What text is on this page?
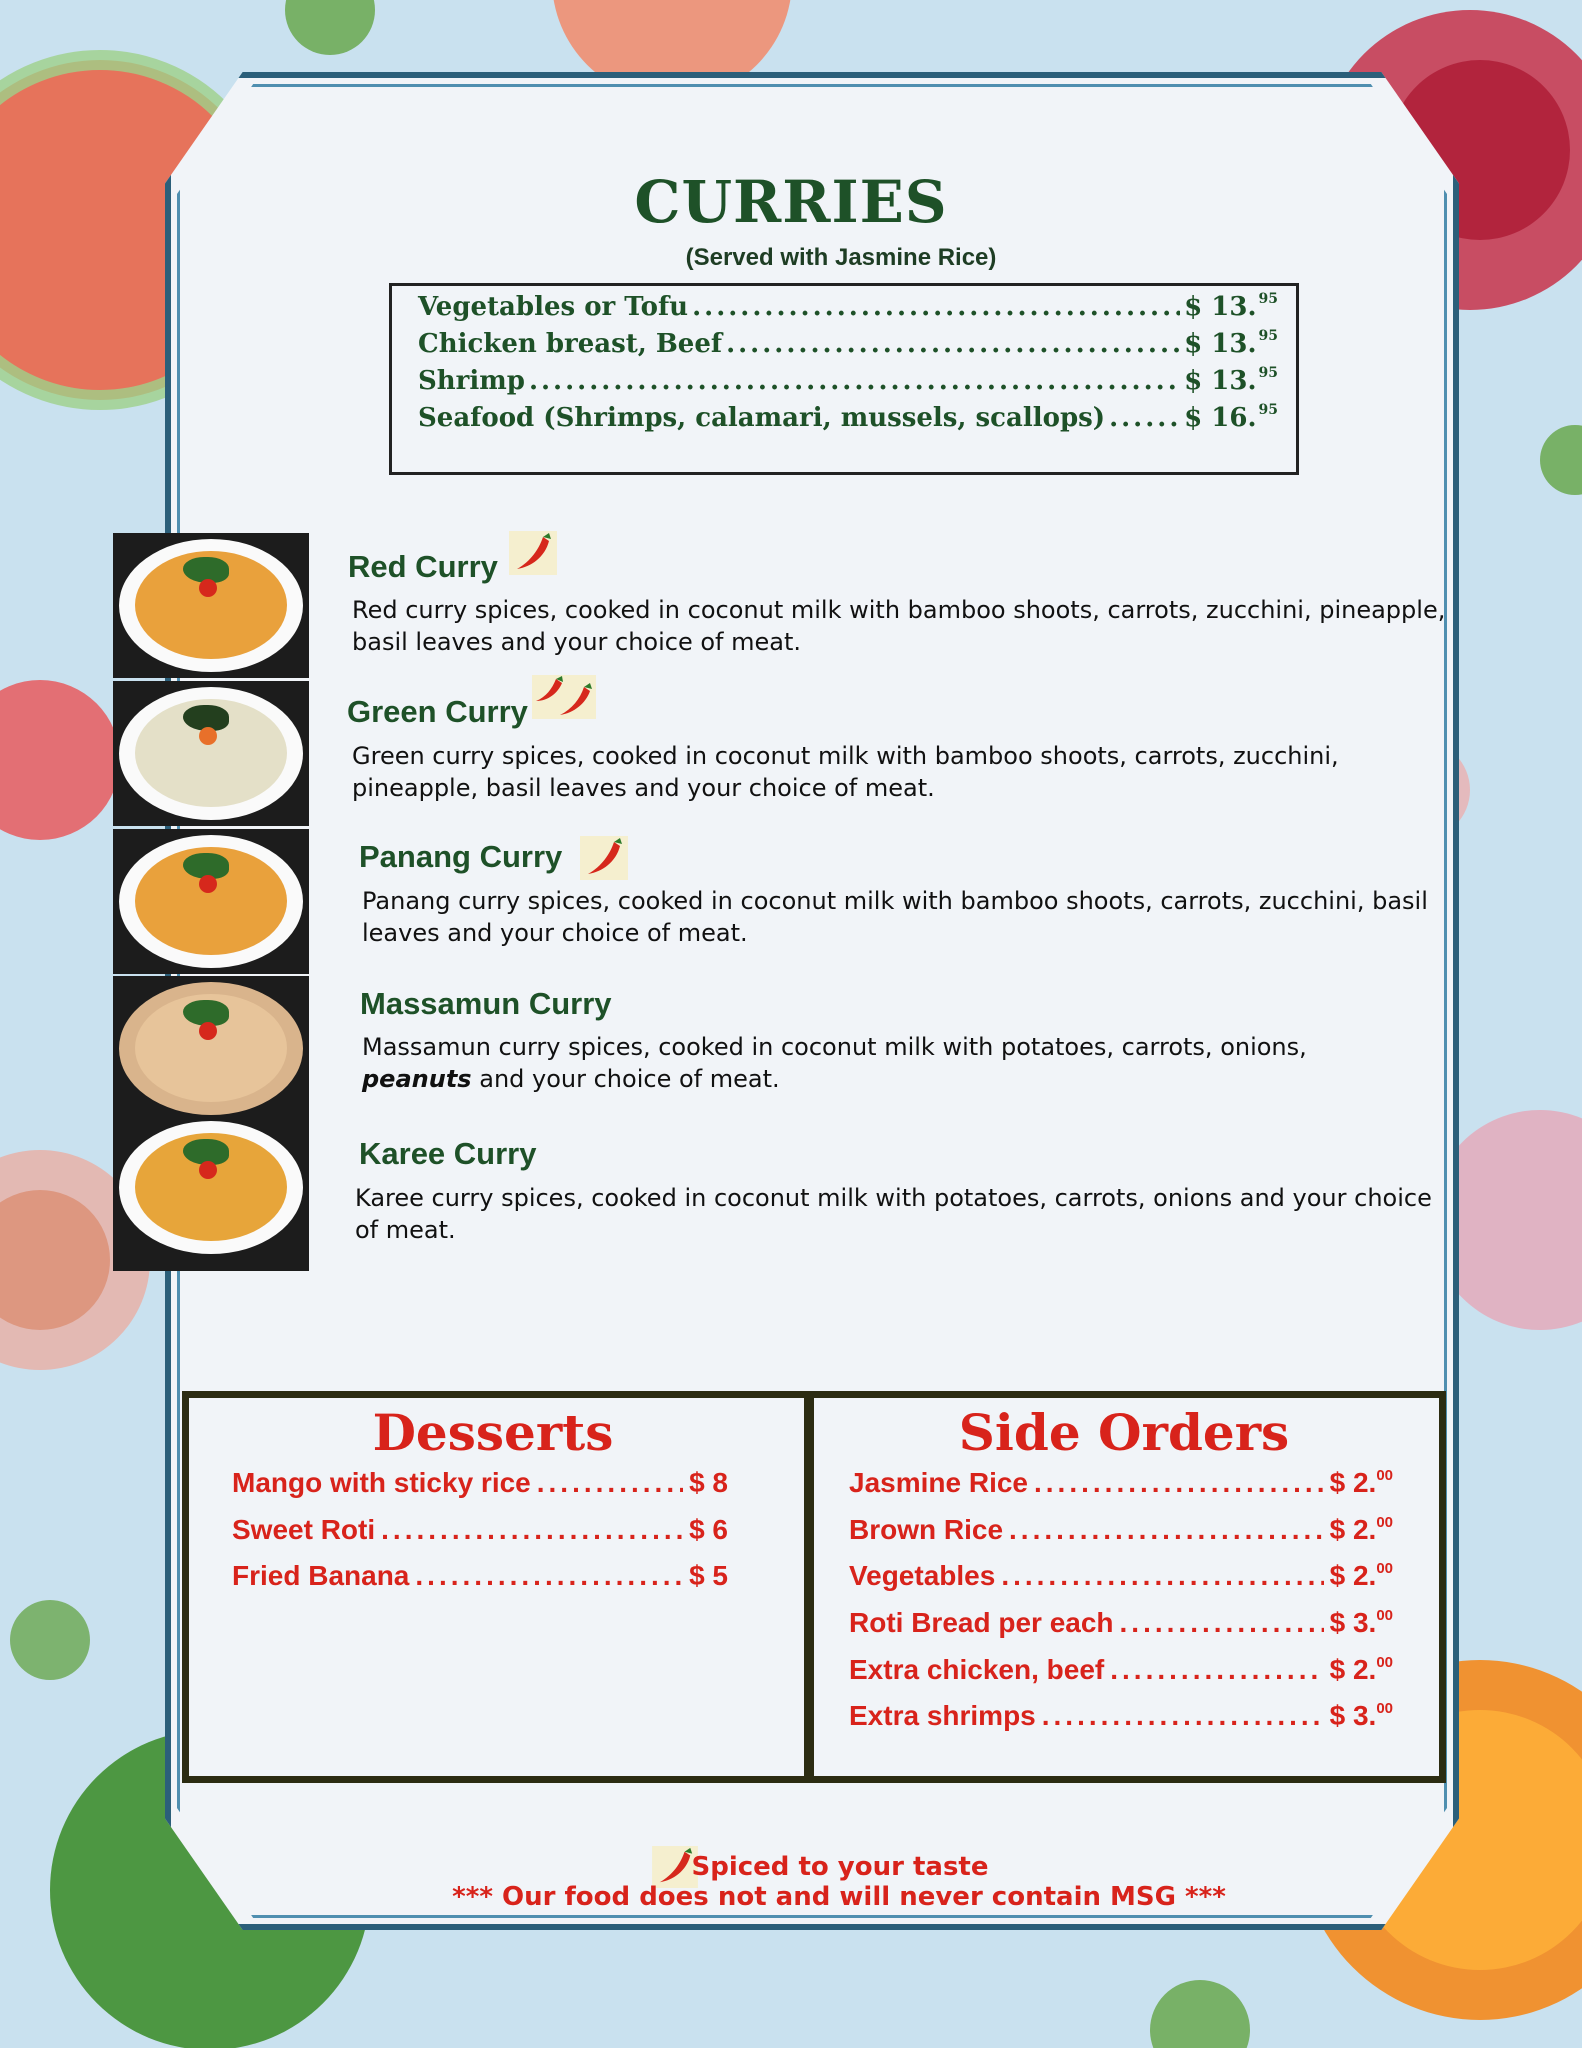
CURRIES
(Served with Jasmine Rice)
Vegetables or Tofu .....	$ 13. $^{95}$
Chicken breast, Beef .....	$ 13. $^{95}$
Shrimp .....	$ 13. $^{95}$
Seafood (Shrimps, calamari, mussels, scallops) .....	$ 16. $^{95}$
Red Curry
Red curry spices, cooked in coconut milk with bamboo shoots, carrots, zucchini, pineapple, basil leaves and your choice of meat.
Green Curry
Green curry spices, cooked in coconut milk with bamboo shoots, carrots, zucchini, pineapple, basil leaves and your choice of meat.
Panang Curry
Panang curry spices, cooked in coconut milk with bamboo shoots, carrots, zucchini, basil leaves and your choice of meat.
Massamun Curry
Massamun curry spices, cooked in coconut milk with potatoes, carrots, onions, peanuts and your choice of meat.
Karee Curry
Karee curry spices, cooked in coconut milk with potatoes, carrots, onions and your choice of meat.
Desserts	Side Orders
Mango with sticky rice .....	$ 8
Sweet Roti .....	$ 6
Fried Banana .....	$ 5
Jasmine Rice .....	$ 2.00
Brown Rice .....	$ 2.00
Vegetables .....	$ 2.00
Roti Bread per each .....	$ 3.00
Extra chicken, beef .....	$ 2.00
Extra shrimps .....	$ 3.00
Spiced to your taste
*** Our food does not and will never contain MSG ***
